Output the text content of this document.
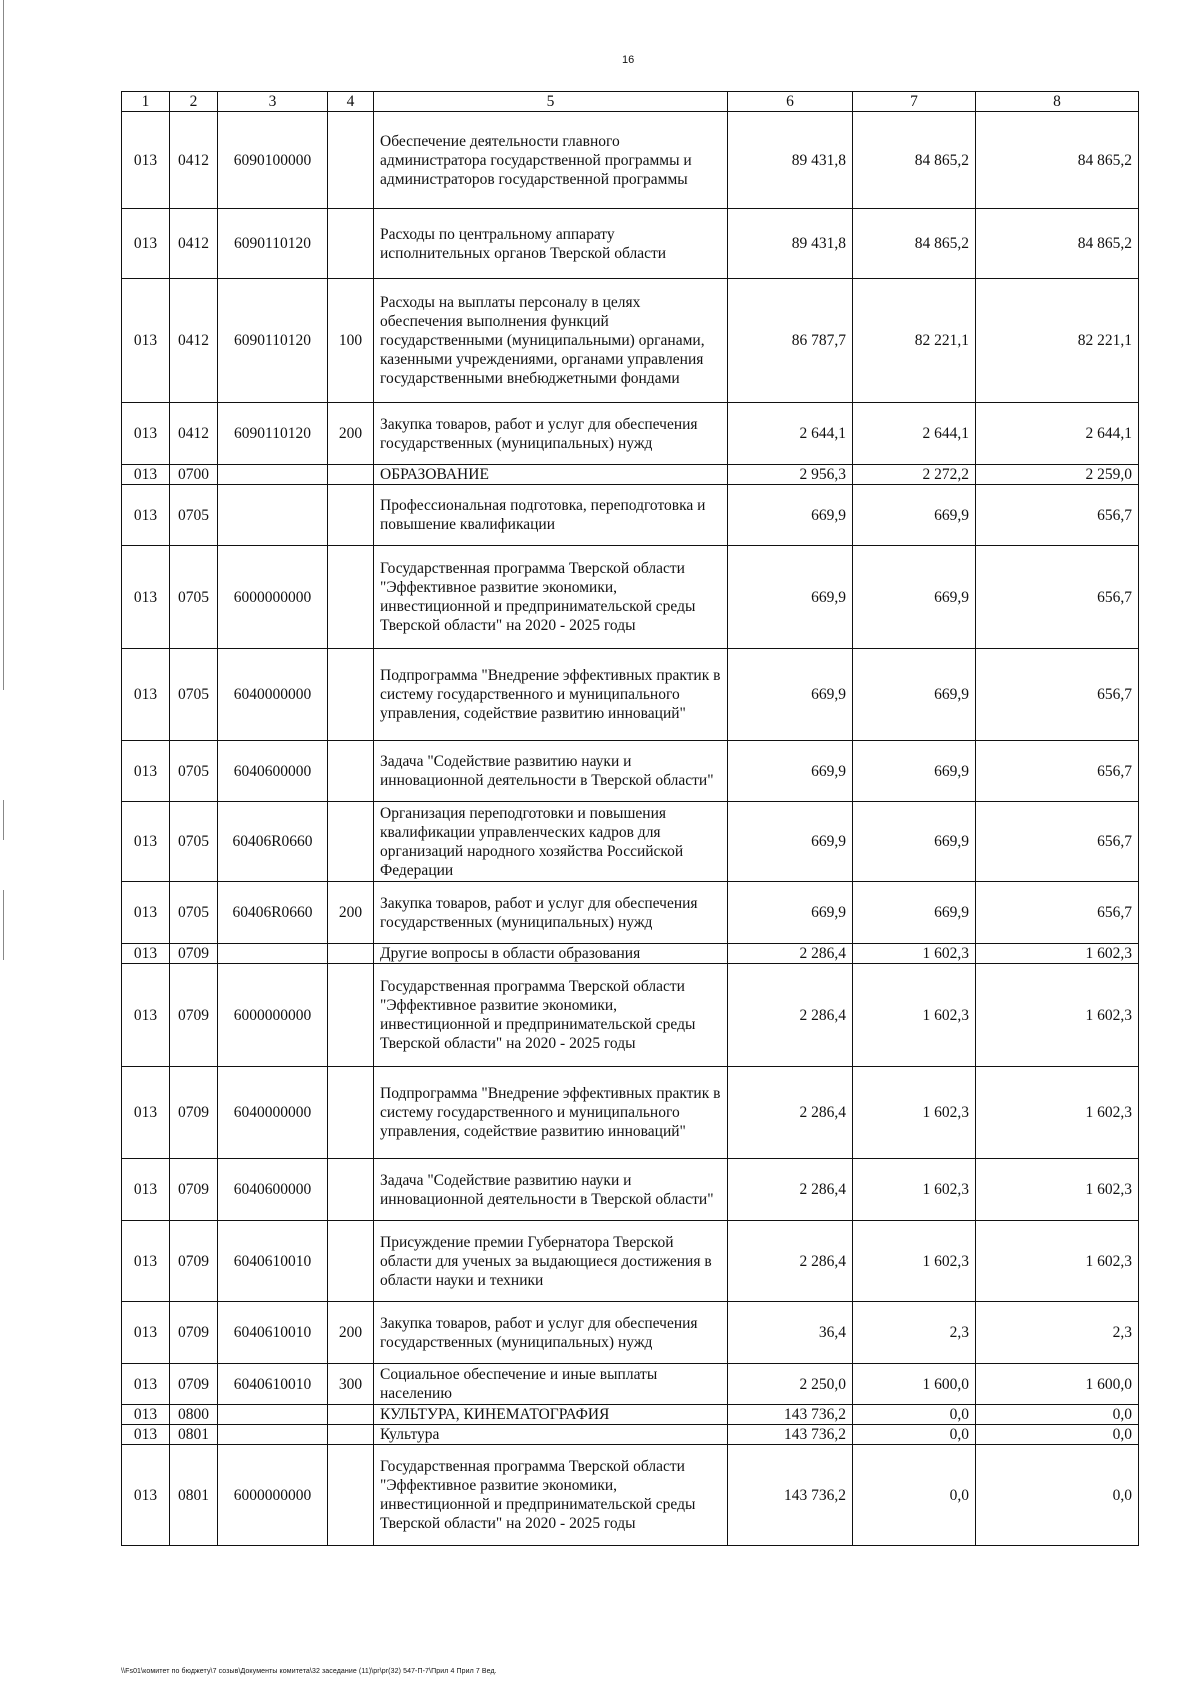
16
1	2	3	4	5	6	7	8
013	0412	6090100000		Обеспечение деятельности главного администратора государственной программы и администраторов государственной программы	89 431,8	84 865,2	84 865,2
013	0412	6090110120		Расходы по центральному аппарату исполнительных органов Тверской области	89 431,8	84 865,2	84 865,2
013	0412	6090110120	100	Расходы на выплаты персоналу в целях обеспечения выполнения функций государственными (муниципальными) органами, казенными учреждениями, органами управления государственными внебюджетными фондами	86 787,7	82 221,1	82 221,1
013	0412	6090110120	200	Закупка товаров, работ и услуг для обеспечения государственных (муниципальных) нужд	2 644,1	2 644,1	2 644,1
013	0700			ОБРАЗОВАНИЕ	2 956,3	2 272,2	2 259,0
013	0705			Профессиональная подготовка, переподготовка и повышение квалификации	669,9	669,9	656,7
013	0705	6000000000		Государственная программа Тверской области "Эффективное развитие экономики, инвестиционной и предпринимательской среды Тверской области" на 2020 - 2025 годы	669,9	669,9	656,7
013	0705	6040000000		Подпрограмма "Внедрение эффективных практик в систему государственного и муниципального управления, содействие развитию инноваций"	669,9	669,9	656,7
013	0705	6040600000		Задача "Содействие развитию науки и инновационной деятельности в Тверской области"	669,9	669,9	656,7
013	0705	60406R0660		Организация переподготовки и повышения квалификации управленческих кадров для организаций народного хозяйства Российской Федерации	669,9	669,9	656,7
013	0705	60406R0660	200	Закупка товаров, работ и услуг для обеспечения государственных (муниципальных) нужд	669,9	669,9	656,7
013	0709			Другие вопросы в области образования	2 286,4	1 602,3	1 602,3
013	0709	6000000000		Государственная программа Тверской области "Эффективное развитие экономики, инвестиционной и предпринимательской среды Тверской области" на 2020 - 2025 годы	2 286,4	1 602,3	1 602,3
013	0709	6040000000		Подпрограмма "Внедрение эффективных практик в систему государственного и муниципального управления, содействие развитию инноваций"	2 286,4	1 602,3	1 602,3
013	0709	6040600000		Задача "Содействие развитию науки и инновационной деятельности в Тверской области"	2 286,4	1 602,3	1 602,3
013	0709	6040610010		Присуждение премии Губернатора Тверской области для ученых за выдающиеся достижения в области науки и техники	2 286,4	1 602,3	1 602,3
013	0709	6040610010	200	Закупка товаров, работ и услуг для обеспечения государственных (муниципальных) нужд	36,4	2,3	2,3
013	0709	6040610010	300	Социальное обеспечение и иные выплаты населению	2 250,0	1 600,0	1 600,0
013	0800			КУЛЬТУРА, КИНЕМАТОГРАФИЯ	143 736,2	0,0	0,0
013	0801			Культура	143 736,2	0,0	0,0
013	0801	6000000000		Государственная программа Тверской области "Эффективное развитие экономики, инвестиционной и предпринимательской среды Тверской области" на 2020 - 2025 годы	143 736,2	0,0	0,0
\\Fs01\комитет по бюджету\7 созыв\Документы комитета\32 заседание (11)\pr\pr(32) 547-П-7\Прил 4 Прил 7 Вед.
